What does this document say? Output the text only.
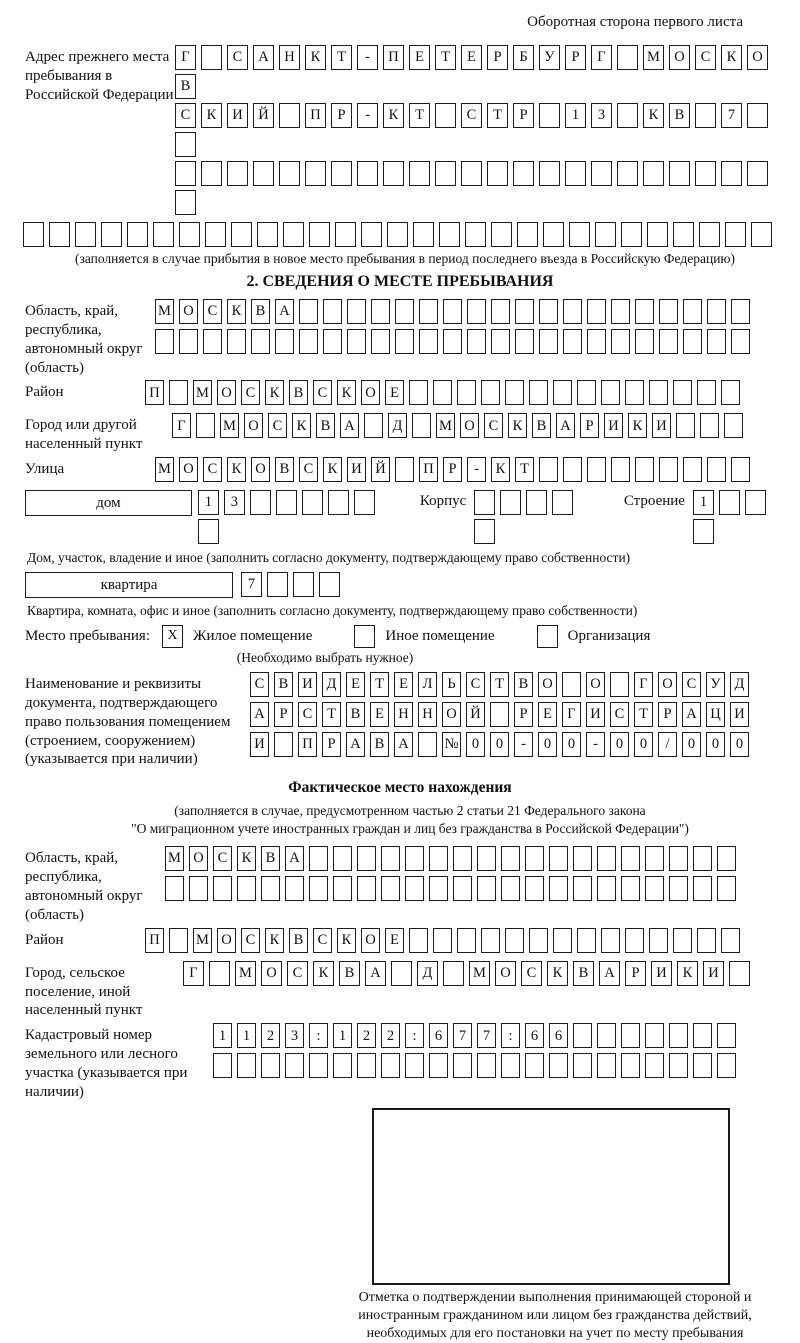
Оборотная сторона первого листа
Адрес прежнего места пребывания в Российской Федерации
Г	С	А	Н	К	Т	-	П	Е	Т	Е	Р	Б	У	Р	Г	М О	С	К	О
В
С	К	И	Й	П	Р	-	К	Т	С	Т	Р	1	3	К	В	7
(заполняется в случае прибытия в новое место пребывания в период последнего въезда в Российскую Федерацию)
2. СВЕДЕНИЯ О МЕСТЕ ПРЕБЫВАНИЯ
Область, край, республика, автономный округ (область)
М О С К В А
Район	П	М О С К В С К О Е
Город или другой населенный пункт
Г	М О С К В А	Д	М О С К В А	Р	И К И
Улица	М О С К О В С К И Й	П	Р	-	К	Т
дом	1	3	Корпус	Строение	1
Дом, участок, владение и иное (заполнить согласно документу, подтверждающему право собственности)
квартира	7
Квартира, комната, офис и иное (заполнить согласно документу, подтверждающему право собственности)
Место пребывания:	X	Жилое помещение	Иное помещение	Организация
(Необходимо выбрать нужное)
Наименование и реквизиты документа, подтверждающего право пользования помещением (строением, сооружением) (указывается при наличии)
С В И Д	Е	Т	Е	Л	Ь	С	Т	В О	О	Г	О С У Д
А	Р	С	Т	В	Е Н Н О Й	Р	Е	Г	И С	Т	Р	А Ц И
И	П	Р	А В А № 0	0	-	0	0	-	0	0	/	0	0	0
Фактическое место нахождения
(заполняется в случае, предусмотренном частью 2 статьи 21 Федерального закона
"О миграционном учете иностранных граждан и лиц без гражданства в Российской Федерации")
Область, край, республика, автономный округ (область)
М О С К В А
Район	П	М О С К В С К О Е
Город, сельское поселение, иной населенный пункт
Г	М О	С	К	В	А	Д	М О	С	К	В	А	Р	И	К	И
Кадастровый номер земельного или лесного участка (указывается при наличии)
1	1	2	3	:	1	2	2	:	6	7	7	:	6	6
Отметка о подтверждении выполнения принимающей стороной и иностранным гражданином или лицом без гражданства действий, необходимых для его постановки на учет по месту пребывания
